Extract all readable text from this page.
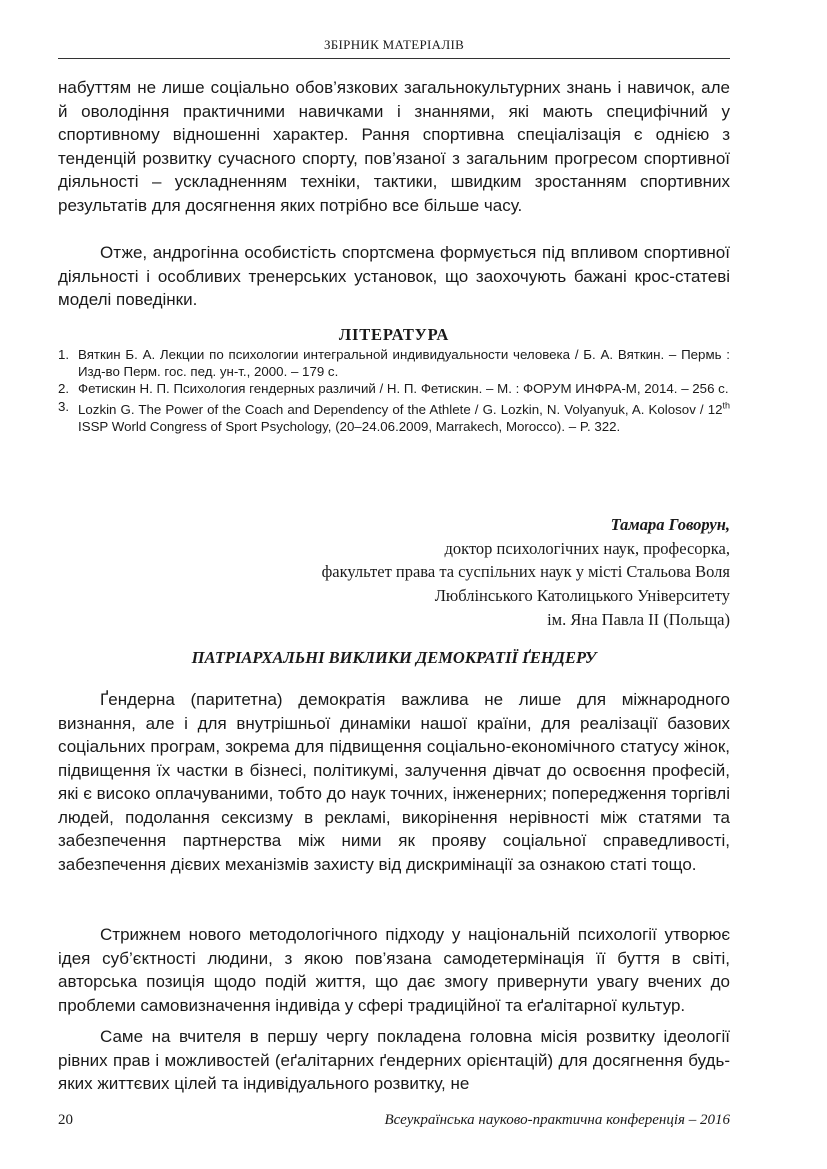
ЗБІРНИК МАТЕРІАЛІВ

набуттям не лише соціально обов’язкових загальнокультурних знань і навичок, але й оволодіння практичними навичками і знаннями, які мають специфічний у спортивному відношенні характер. Рання спортивна спеціалізація є однією з тенденцій розвитку сучасного спорту, пов’язаної з загальним прогресом спортивної діяльності – ускладненням техніки, тактики, швидким зростанням спортивних результатів для досягнення яких потрібно все більше часу.

Отже, андрогінна особистість спортсмена формується під впливом спортивної діяльності і особливих тренерських установок, що заохочують бажані крос-статеві моделі поведінки.

ЛІТЕРАТУРА
1. Вяткин Б. А. Лекции по психологии интегральной индивидуальности человека / Б. А. Вяткин. – Пермь : Изд-во Перм. гос. пед. ун-т., 2000. – 179 с.
2. Фетискин Н. П. Психология гендерных различий / Н. П. Фетискин. – М. : ФОРУМ ИНФРА-М, 2014. – 256 с.
3. Lozkin G. The Power of the Coach and Dependency of the Athlete / G. Lozkin, N. Volyanyuk, A. Kolosov / 12th ISSP World Congress of Sport Psychology, (20–24.06.2009, Marrakech, Morocco). – P. 322.
Тамара Говорун,
доктор психологічних наук, професорка,
факультет права та суспільних наук у місті Стальова Воля
Люблінського Католицького Університету
ім. Яна Павла ІІ (Польща)
ПАТРІАРХАЛЬНІ ВИКЛИКИ ДЕМОКРАТІЇ ҐЕНДЕРУ

Ґендерна (паритетна) демократія важлива не лише для міжнародного визнання, але і для внутрішньої динаміки нашої країни, для реалізації базових соціальних програм, зокрема для підвищення соціально-економічного статусу жінок, підвищення їх частки в бізнесі, політикумі, залучення дівчат до освоєння професій, які є високо оплачуваними, тобто до наук точних, інженерних; попередження торгівлі людей, подолання сексизму в рекламі, викорінення нерівності між статями та забезпечення партнерства між ними як прояву соціальної справедливості, забезпечення дієвих механізмів захисту від дискримінації за ознакою статі тощо.

Стрижнем нового методологічного підходу у національній психології утворює ідея суб’єктності людини, з якою пов’язана самодетермінація її буття в світі, авторська позиція щодо подій життя, що дає змогу привернути увагу вчених до проблеми самовизначення індивіда у сфері традиційної та еґалітарної культур.

Саме на вчителя в першу чергу покладена головна місія розвитку ідеології рівних прав і можливостей (еґалітарних ґендерних орієнтацій) для досягнення будь-яких життєвих цілей та індивідуального розвитку, не

20	Всеукраїнська науково-практична конференція – 2016
